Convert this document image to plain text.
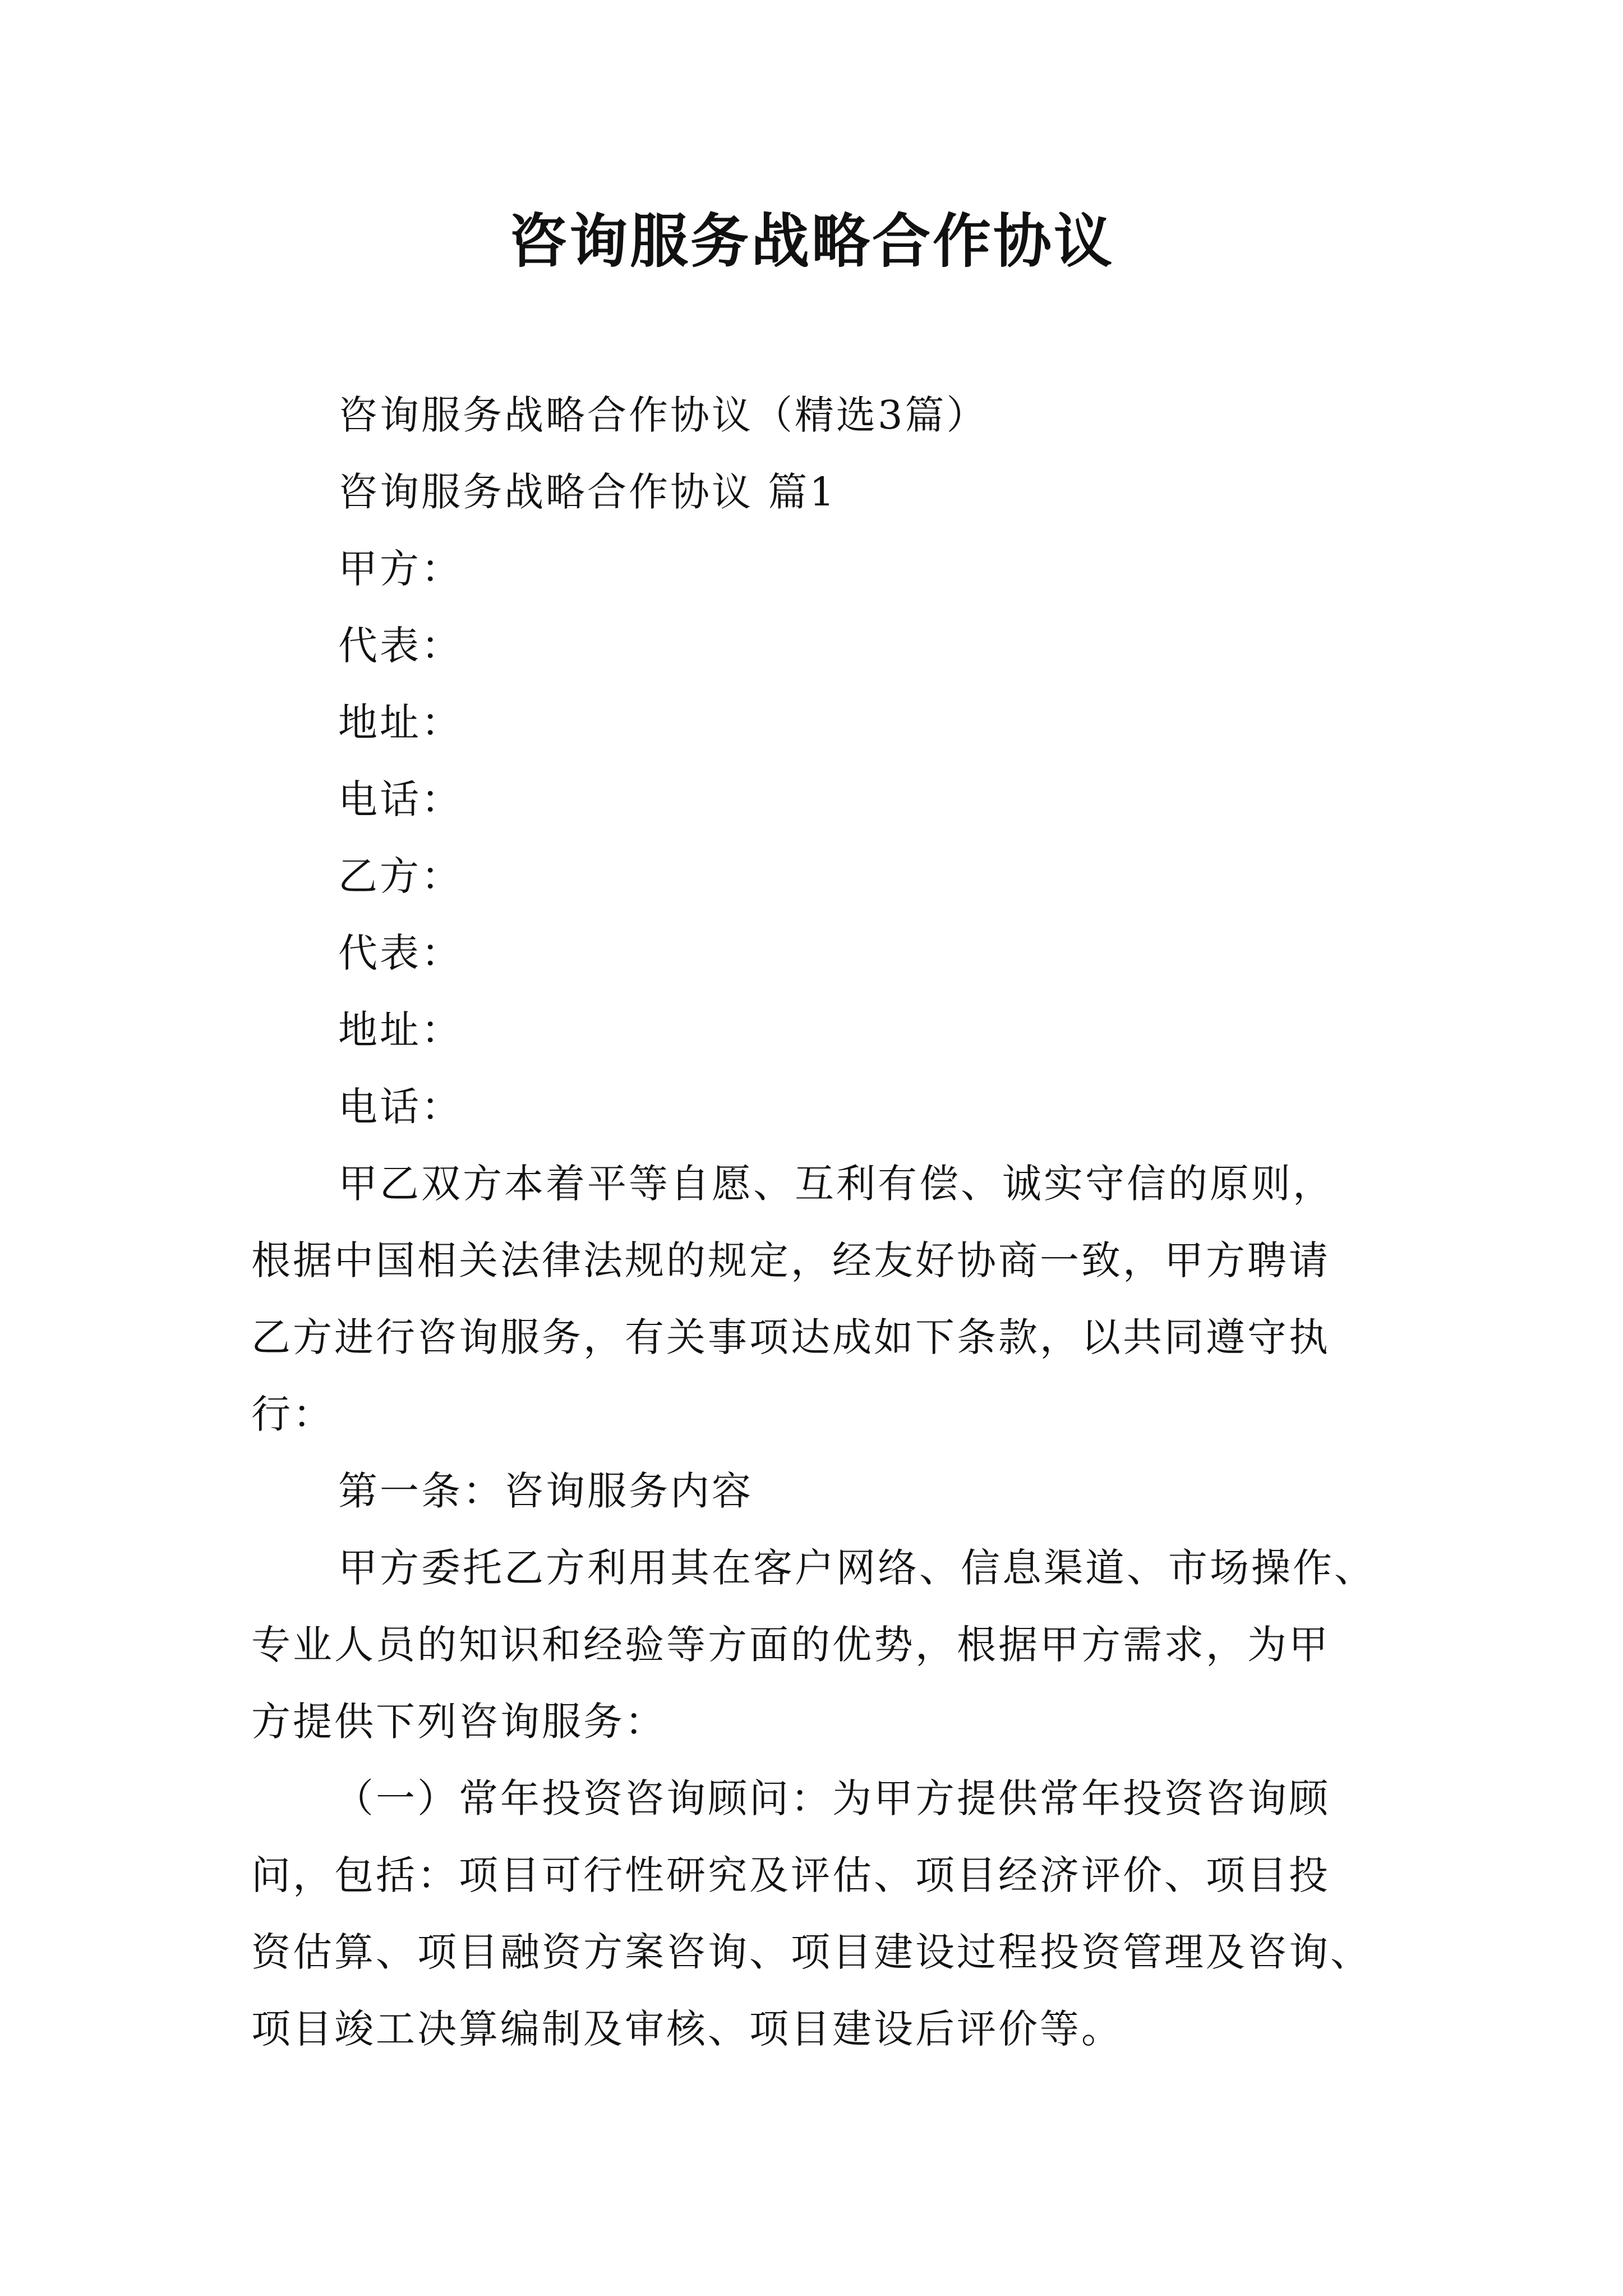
咨询服务战略合作协议
咨询服务战略合作协议（精选3篇）
咨询服务战略合作协议 篇1
甲方：
代表：
地址：
电话：
乙方：
代表：
地址：
电话：
甲乙双方本着平等自愿、互利有偿、诚实守信的原则，
根据中国相关法律法规的规定，经友好协商一致，甲方聘请
乙方进行咨询服务，有关事项达成如下条款，以共同遵守执
行：
第一条：咨询服务内容
甲方委托乙方利用其在客户网络、信息渠道、市场操作、
专业人员的知识和经验等方面的优势，根据甲方需求，为甲
方提供下列咨询服务：
（一）常年投资咨询顾问：为甲方提供常年投资咨询顾
问，包括：项目可行性研究及评估、项目经济评价、项目投
资估算、项目融资方案咨询、项目建设过程投资管理及咨询、
项目竣工决算编制及审核、项目建设后评价等。
